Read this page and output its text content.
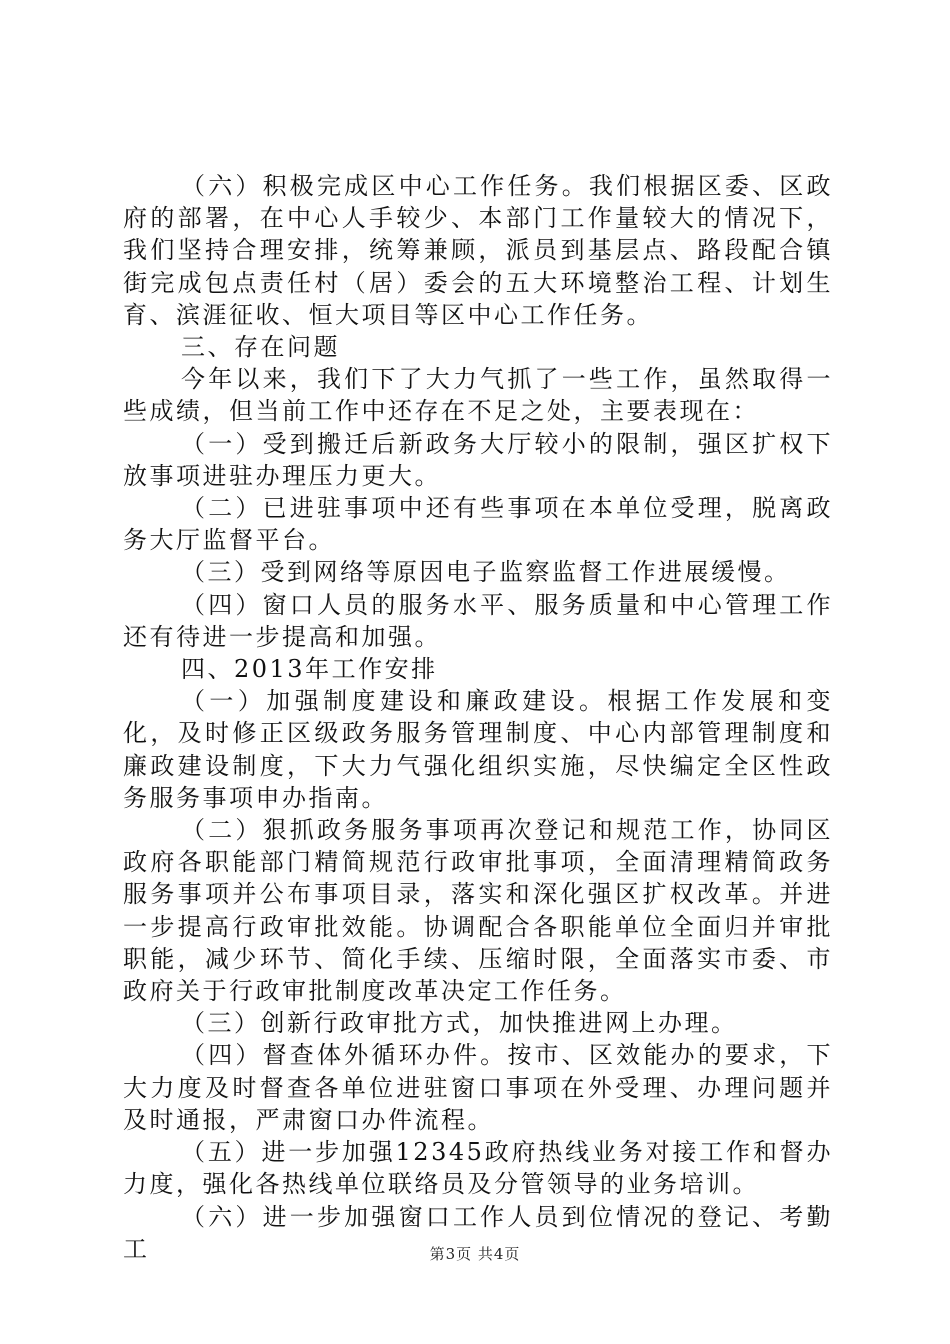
（六）积极完成区中心工作任务。我们根据区委、区政府的部署，在中心人手较少、本部门工作量较大的情况下，我们坚持合理安排，统筹兼顾，派员到基层点、路段配合镇街完成包点责任村（居）委会的五大环境整治工程、计划生育、滨涯征收、恒大项目等区中心工作任务。

三、存在问题

今年以来，我们下了大力气抓了一些工作，虽然取得一些成绩，但当前工作中还存在不足之处，主要表现在：

（一）受到搬迁后新政务大厅较小的限制，强区扩权下放事项进驻办理压力更大。

（二）已进驻事项中还有些事项在本单位受理，脱离政务大厅监督平台。

（三）受到网络等原因电子监察监督工作进展缓慢。

（四）窗口人员的服务水平、服务质量和中心管理工作还有待进一步提高和加强。

四、2013年工作安排

（一）加强制度建设和廉政建设。根据工作发展和变化，及时修正区级政务服务管理制度、中心内部管理制度和廉政建设制度，下大力气强化组织实施，尽快编定全区性政务服务事项申办指南。

（二）狠抓政务服务事项再次登记和规范工作，协同区政府各职能部门精简规范行政审批事项，全面清理精简政务服务事项并公布事项目录，落实和深化强区扩权改革。并进一步提高行政审批效能。协调配合各职能单位全面归并审批职能，减少环节、简化手续、压缩时限，全面落实市委、市政府关于行政审批制度改革决定工作任务。

（三）创新行政审批方式，加快推进网上办理。

（四）督查体外循环办件。按市、区效能办的要求，下大力度及时督查各单位进驻窗口事项在外受理、办理问题并及时通报，严肃窗口办件流程。

（五）进一步加强12345政府热线业务对接工作和督办力度，强化各热线单位联络员及分管领导的业务培训。

（六）进一步加强窗口工作人员到位情况的登记、考勤工	第3页 共4页
